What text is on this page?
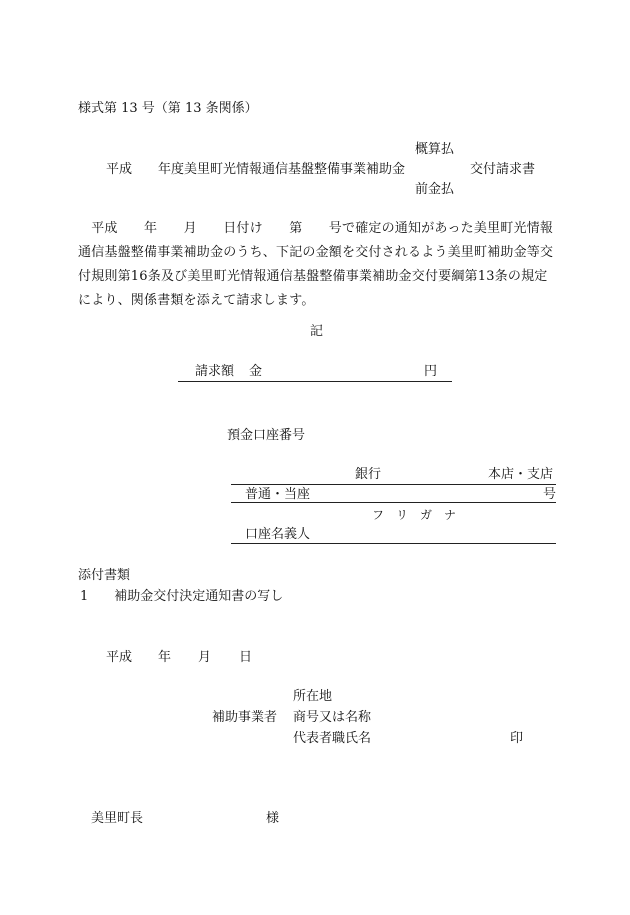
様式第 13 号（第 13 条関係）
概算払
平成 年度美里町光情報通信基盤整備事業補助金	交付請求書
前金払
　平成　　年　　月　　日付け　　第　　号で確定の通知があった美里町光情報通信基盤整備事業補助金のうち、下記の金額を交付されるよう美里町補助金等交付規則第16条及び美里町光情報通信基盤整備事業補助金交付要綱第13条の規定により、関係書類を添えて請求します。
記
請求額 金	円
預金口座番号
銀行	本店・支店
普通・当座	号
フ　リ　ガ　ナ
口座名義人
添付書類
1　　補助金交付決定通知書の写し
平成 年 月 日
所在地
補助事業者 商号又は名称
代表者職氏名	印
美里町長	様
